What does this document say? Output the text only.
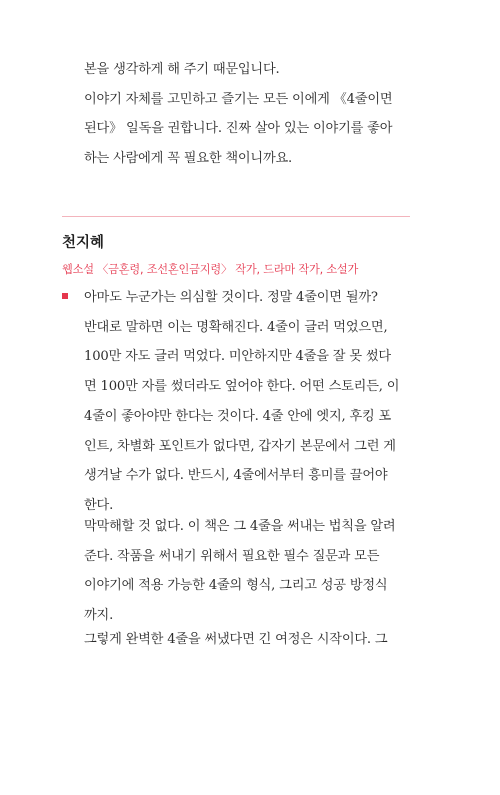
본을 생각하게 해 주기 때문입니다.
이야기 자체를 고민하고 즐기는 모든 이에게 《4줄이면
된다》 일독을 권합니다. 진짜 살아 있는 이야기를 좋아
하는 사람에게 꼭 필요한 책이니까요.
천지혜

웹소설 〈금혼령, 조선혼인금지령〉 작가, 드라마 작가, 소설가

아마도 누군가는 의심할 것이다. 정말 4줄이면 될까?
반대로 말하면 이는 명확해진다. 4줄이 글러 먹었으면,
100만 자도 글러 먹었다. 미안하지만 4줄을 잘 못 썼다
면 100만 자를 썼더라도 엎어야 한다. 어떤 스토리든, 이
4줄이 좋아야만 한다는 것이다. 4줄 안에 엣지, 후킹 포
인트, 차별화 포인트가 없다면, 갑자기 본문에서 그런 게
생겨날 수가 없다. 반드시, 4줄에서부터 흥미를 끌어야
한다.
막막해할 것 없다. 이 책은 그 4줄을 써내는 법칙을 알려
준다. 작품을 써내기 위해서 필요한 필수 질문과 모든
이야기에 적용 가능한 4줄의 형식, 그리고 성공 방정식
까지.
그렇게 완벽한 4줄을 써냈다면 긴 여정은 시작이다. 그
